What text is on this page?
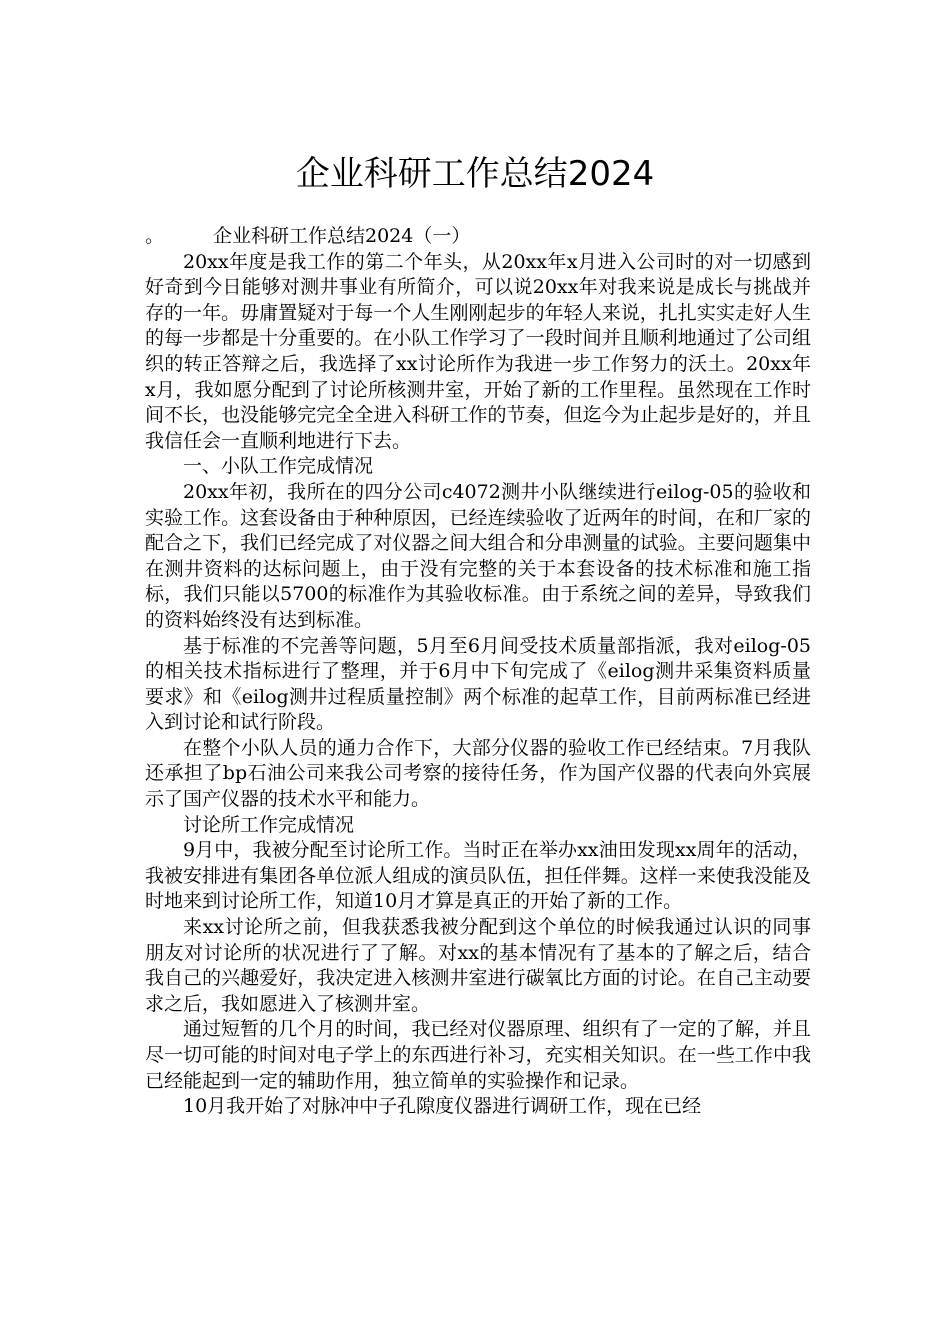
企业科研工作总结2024

。	企业科研工作总结2024（一）

20xx年度是我工作的第二个年头，从20xx年x月进入公司时的对一切感到好奇到今日能够对测井事业有所简介，可以说20xx年对我来说是成长与挑战并存的一年。毋庸置疑对于每一个人生刚刚起步的年轻人来说，扎扎实实走好人生的每一步都是十分重要的。在小队工作学习了一段时间并且顺利地通过了公司组织的转正答辩之后，我选择了xx讨论所作为我进一步工作努力的沃土。20xx年x月，我如愿分配到了讨论所核测井室，开始了新的工作里程。虽然现在工作时间不长，也没能够完完全全进入科研工作的节奏，但迄今为止起步是好的，并且我信任会一直顺利地进行下去。

一、小队工作完成情况

20xx年初，我所在的四分公司c4072测井小队继续进行eilog-05的验收和实验工作。这套设备由于种种原因，已经连续验收了近两年的时间，在和厂家的配合之下，我们已经完成了对仪器之间大组合和分串测量的试验。主要问题集中在测井资料的达标问题上，由于没有完整的关于本套设备的技术标准和施工指标，我们只能以5700的标准作为其验收标准。由于系统之间的差异，导致我们的资料始终没有达到标准。

基于标准的不完善等问题，5月至6月间受技术质量部指派，我对eilog-05的相关技术指标进行了整理，并于6月中下旬完成了《eilog测井采集资料质量要求》和《eilog测井过程质量控制》两个标准的起草工作，目前两标准已经进入到讨论和试行阶段。

在整个小队人员的通力合作下，大部分仪器的验收工作已经结束。7月我队还承担了bp石油公司来我公司考察的接待任务，作为国产仪器的代表向外宾展示了国产仪器的技术水平和能力。

讨论所工作完成情况

9月中，我被分配至讨论所工作。当时正在举办xx油田发现xx周年的活动，我被安排进有集团各单位派人组成的演员队伍，担任伴舞。这样一来使我没能及时地来到讨论所工作，知道10月才算是真正的开始了新的工作。

来xx讨论所之前，但我获悉我被分配到这个单位的时候我通过认识的同事朋友对讨论所的状况进行了了解。对xx的基本情况有了基本的了解之后，结合我自己的兴趣爱好，我决定进入核测井室进行碳氧比方面的讨论。在自己主动要求之后，我如愿进入了核测井室。

通过短暂的几个月的时间，我已经对仪器原理、组织有了一定的了解，并且尽一切可能的时间对电子学上的东西进行补习，充实相关知识。在一些工作中我已经能起到一定的辅助作用，独立简单的实验操作和记录。

10月我开始了对脉冲中子孔隙度仪器进行调研工作，现在已经
